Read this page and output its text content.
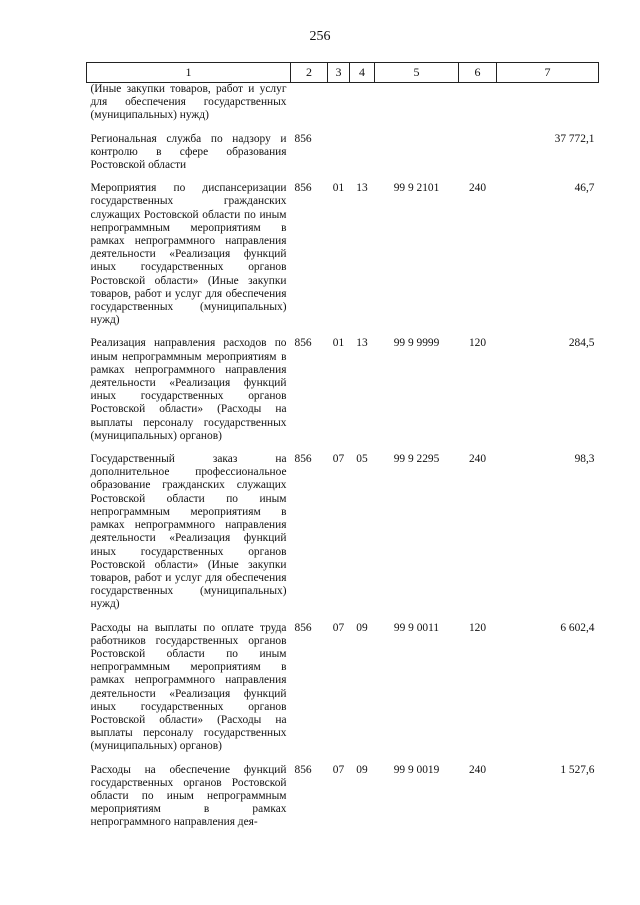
256
1	2	3	4	5	6	7
(Иные закупки товаров, работ и услуг для обеспечения государственных (муниципальных) нужд)						

Региональная служба по надзору и контролю в сфере образования Ростовской области	856					37 772,1

Мероприятия по диспансеризации государственных гражданских служащих Ростовской области по иным непрограммным мероприятиям в рамках непрограммного направления деятельности «Реализация функций иных государственных органов Ростовской области» (Иные закупки товаров, работ и услуг для обеспечения государственных (муниципальных) нужд)	856	01	13	99 9 2101	240	46,7

Реализация направления расходов по иным непрограммным мероприятиям в рамках непрограммного направления деятельности «Реализация функций иных государственных органов Ростовской области» (Расходы на выплаты персоналу государственных (муниципальных) органов)	856	01	13	99 9 9999	120	284,5

Государственный заказ на дополнительное профессиональное образование гражданских служащих Ростовской области по иным непрограммным мероприятиям в рамках непрограммного направления деятельности «Реализация функций иных государственных органов Ростовской области» (Иные закупки товаров, работ и услуг для обеспечения государственных (муниципальных) нужд)	856	07	05	99 9 2295	240	98,3

Расходы на выплаты по оплате труда работников государственных органов Ростовской области по иным непрограммным мероприятиям в рамках непрограммного направления деятельности «Реализация функций иных государственных органов Ростовской области» (Расходы на выплаты персоналу государственных (муниципальных) органов)	856	07	09	99 9 0011	120	6 602,4

Расходы на обеспечение функций государственных органов Ростовской области по иным непрограммным мероприятиям в рамках непрограммного направления дея-	856	07	09	99 9 0019	240	1 527,6
